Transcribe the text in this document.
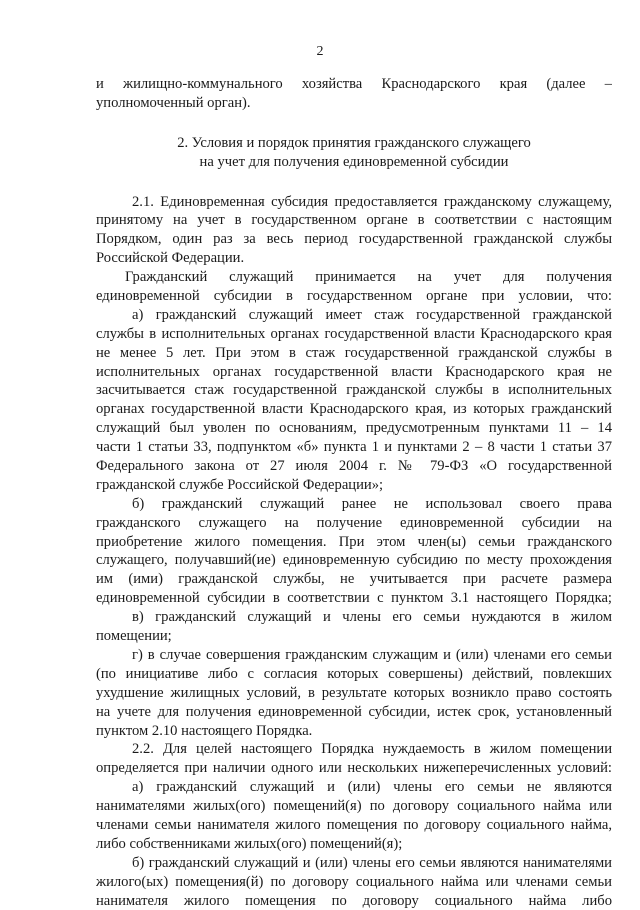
2
и жилищно-коммунального хозяйства Краснодарского края (далее –
уполномоченный орган).
2. Условия и порядок принятия гражданского служащего
на учет для получения единовременной субсидии
2.1. Единовременная субсидия предоставляется гражданскому служащему,
принятому на учет в государственном органе в соответствии с настоящим
Порядком, один раз за весь период государственной гражданской службы
Российской Федерации.
Гражданский служащий принимается на учет для получения
единовременной субсидии в государственном органе при условии, что:
а) гражданский служащий имеет стаж государственной гражданской
службы в исполнительных органах государственной власти Краснодарского края
не менее 5 лет. При этом в стаж государственной гражданской службы в
исполнительных органах государственной власти Краснодарского края не
засчитывается стаж государственной гражданской службы в исполнительных
органах государственной власти Краснодарского края, из которых гражданский
служащий был уволен по основаниям, предусмотренным пунктами 11 – 14
части 1 статьи 33, подпунктом «б» пункта 1 и пунктами 2 – 8 части 1 статьи 37
Федерального закона от 27 июля 2004 г. № 79-ФЗ «О государственной
гражданской службе Российской Федерации»;
б) гражданский служащий ранее не использовал своего права
гражданского служащего на получение единовременной субсидии на
приобретение жилого помещения. При этом член(ы) семьи гражданского
служащего, получавший(ие) единовременную субсидию по месту прохождения
им (ими) гражданской службы, не учитывается при расчете размера
единовременной субсидии в соответствии с пунктом 3.1 настоящего Порядка;
в) гражданский служащий и члены его семьи нуждаются в жилом
помещении;
г) в случае совершения гражданским служащим и (или) членами его семьи
(по инициативе либо с согласия которых совершены) действий, повлекших
ухудшение жилищных условий, в результате которых возникло право состоять
на учете для получения единовременной субсидии, истек срок, установленный
пунктом 2.10 настоящего Порядка.
2.2. Для целей настоящего Порядка нуждаемость в жилом помещении
определяется при наличии одного или нескольких нижеперечисленных условий:
а) гражданский служащий и (или) члены его семьи не являются
нанимателями жилых(ого) помещений(я) по договору социального найма или
членами семьи нанимателя жилого помещения по договору социального найма,
либо собственниками жилых(ого) помещений(я);
б) гражданский служащий и (или) члены его семьи являются нанимателями
жилого(ых) помещения(й) по договору социального найма или членами семьи
нанимателя жилого помещения по договору социального найма либо
